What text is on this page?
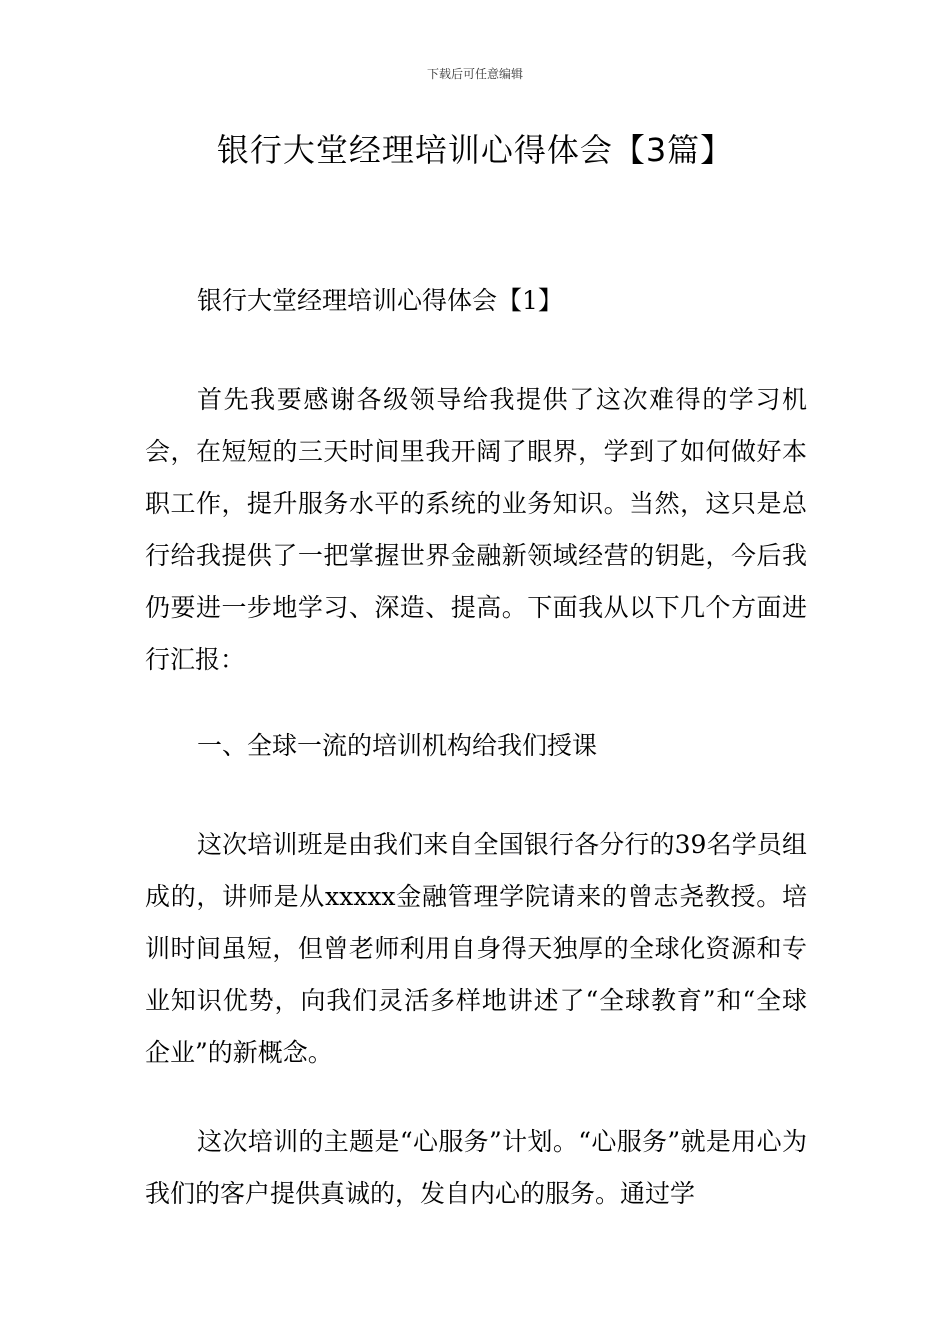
下载后可任意编辑
银行大堂经理培训心得体会【3篇】

银行大堂经理培训心得体会【1】

首先我要感谢各级领导给我提供了这次难得的学习机会，在短短的三天时间里我开阔了眼界，学到了如何做好本职工作，提升服务水平的系统的业务知识。当然，这只是总行给我提供了一把掌握世界金融新领域经营的钥匙，今后我仍要进一步地学习、深造、提高。下面我从以下几个方面进行汇报：

一、全球一流的培训机构给我们授课

这次培训班是由我们来自全国银行各分行的39名学员组成的，讲师是从xxxxx金融管理学院请来的曾志尧教授。培训时间虽短，但曾老师利用自身得天独厚的全球化资源和专业知识优势，向我们灵活多样地讲述了“全球教育”和“全球企业”的新概念。

这次培训的主题是“心服务”计划。“心服务”就是用心为我们的客户提供真诚的，发自内心的服务。通过学
